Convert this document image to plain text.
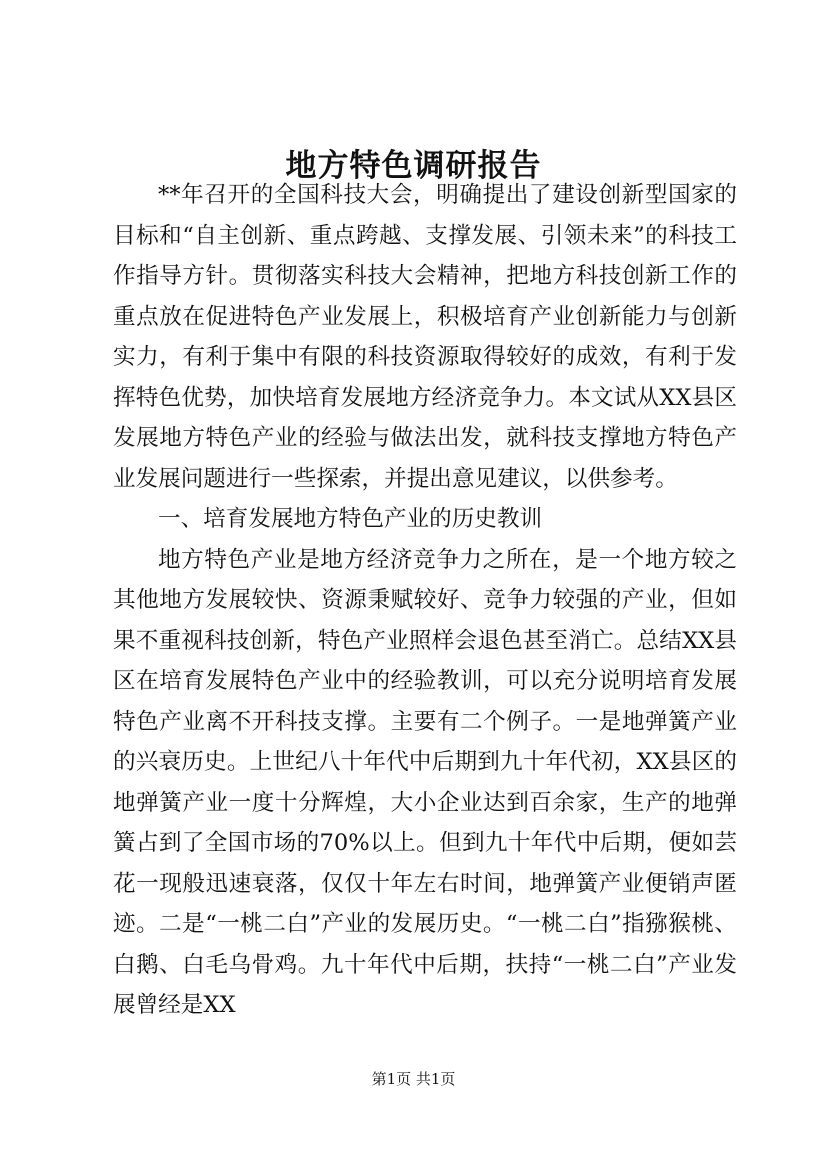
地方特色调研报告

**年召开的全国科技大会，明确提出了建设创新型国家的目标和“自主创新、重点跨越、支撑发展、引领未来”的科技工作指导方针。贯彻落实科技大会精神，把地方科技创新工作的重点放在促进特色产业发展上，积极培育产业创新能力与创新实力，有利于集中有限的科技资源取得较好的成效，有利于发挥特色优势，加快培育发展地方经济竞争力。本文试从XX县区发展地方特色产业的经验与做法出发，就科技支撑地方特色产业发展问题进行一些探索，并提出意见建议，以供参考。

一、培育发展地方特色产业的历史教训

地方特色产业是地方经济竞争力之所在，是一个地方较之其他地方发展较快、资源秉赋较好、竞争力较强的产业，但如果不重视科技创新，特色产业照样会退色甚至消亡。总结XX县区在培育发展特色产业中的经验教训，可以充分说明培育发展特色产业离不开科技支撑。主要有二个例子。一是地弹簧产业的兴衰历史。上世纪八十年代中后期到九十年代初，XX县区的地弹簧产业一度十分辉煌，大小企业达到百余家，生产的地弹簧占到了全国市场的70%以上。但到九十年代中后期，便如芸花一现般迅速衰落，仅仅十年左右时间，地弹簧产业便销声匿迹。二是“一桃二白”产业的发展历史。“一桃二白”指猕猴桃、白鹅、白毛乌骨鸡。九十年代中后期，扶持“一桃二白”产业发展曾经是XX

第1页 共1页
